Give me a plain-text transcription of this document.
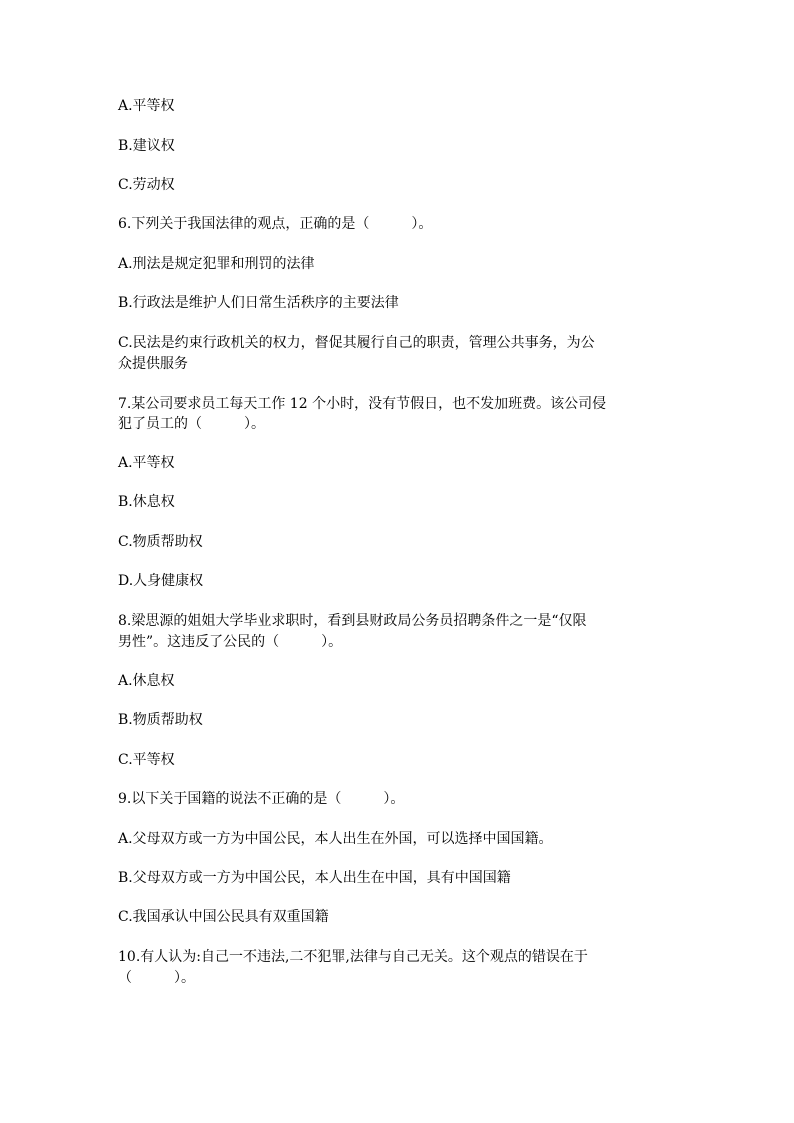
A.平等权
B.建议权
C.劳动权
6.下列关于我国法律的观点，正确的是（　　　）。
A.刑法是规定犯罪和刑罚的法律
B.行政法是维护人们日常生活秩序的主要法律
C.民法是约束行政机关的权力，督促其履行自己的职责，管理公共事务，为公
众提供服务
7.某公司要求员工每天工作 12 个小时，没有节假日，也不发加班费。该公司侵
犯了员工的（　　　）。
A.平等权
B.休息权
C.物质帮助权
D.人身健康权
8.梁思源的姐姐大学毕业求职时，看到县财政局公务员招聘条件之一是“仅限
男性”。这违反了公民的（　　　）。
A.休息权
B.物质帮助权
C.平等权
9.以下关于国籍的说法不正确的是（　　　）。
A.父母双方或一方为中国公民，本人出生在外国，可以选择中国国籍。
B.父母双方或一方为中国公民，本人出生在中国，具有中国国籍
C.我国承认中国公民具有双重国籍
10.有人认为:自己一不违法,二不犯罪,法律与自己无关。这个观点的错误在于
（　　　）。
